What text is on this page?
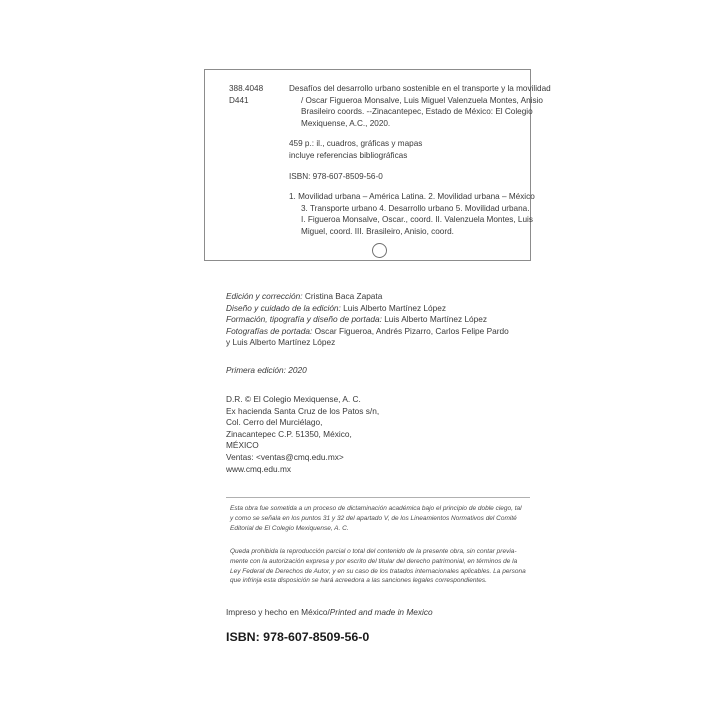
388.4048
D441
Desafíos del desarrollo urbano sostenible en el transporte y la movilidad
/ Oscar Figueroa Monsalve, Luis Miguel Valenzuela Montes, Anisio
Brasileiro coords. --Zinacantepec, Estado de México: El Colegio
Mexiquense, A.C., 2020.
459 p.: il., cuadros, gráficas y mapas
incluye referencias bibliográficas
ISBN: 978-607-8509-56-0
1. Movilidad urbana – América Latina. 2. Movilidad urbana – México
3. Transporte urbano 4. Desarrollo urbano 5. Movilidad urbana.
I. Figueroa Monsalve, Oscar., coord. II. Valenzuela Montes, Luis
Miguel, coord. III. Brasileiro, Anisio, coord.
Edición y corrección: Cristina Baca Zapata
Diseño y cuidado de la edición: Luis Alberto Martínez López
Formación, tipografía y diseño de portada: Luis Alberto Martínez López
Fotografías de portada: Oscar Figueroa, Andrés Pizarro, Carlos Felipe Pardo
y Luis Alberto Martínez López
Primera edición: 2020
D.R. © El Colegio Mexiquense, A. C.
Ex hacienda Santa Cruz de los Patos s/n,
Col. Cerro del Murciélago,
Zinacantepec C.P. 51350, México,
MÉXICO
Ventas: <ventas@cmq.edu.mx>
www.cmq.edu.mx
Esta obra fue sometida a un proceso de dictaminación académica bajo el principio de doble ciego, tal
y como se señala en los puntos 31 y 32 del apartado V, de los Lineamientos Normativos del Comité
Editorial de El Colegio Mexiquense, A. C.
Queda prohibida la reproducción parcial o total del contenido de la presente obra, sin contar previa-
mente con la autorización expresa y por escrito del titular del derecho patrimonial, en términos de la
Ley Federal de Derechos de Autor, y en su caso de los tratados internacionales aplicables. La persona
que infrinja esta disposición se hará acreedora a las sanciones legales correspondientes.
Impreso y hecho en México/Printed and made in Mexico
ISBN: 978-607-8509-56-0
